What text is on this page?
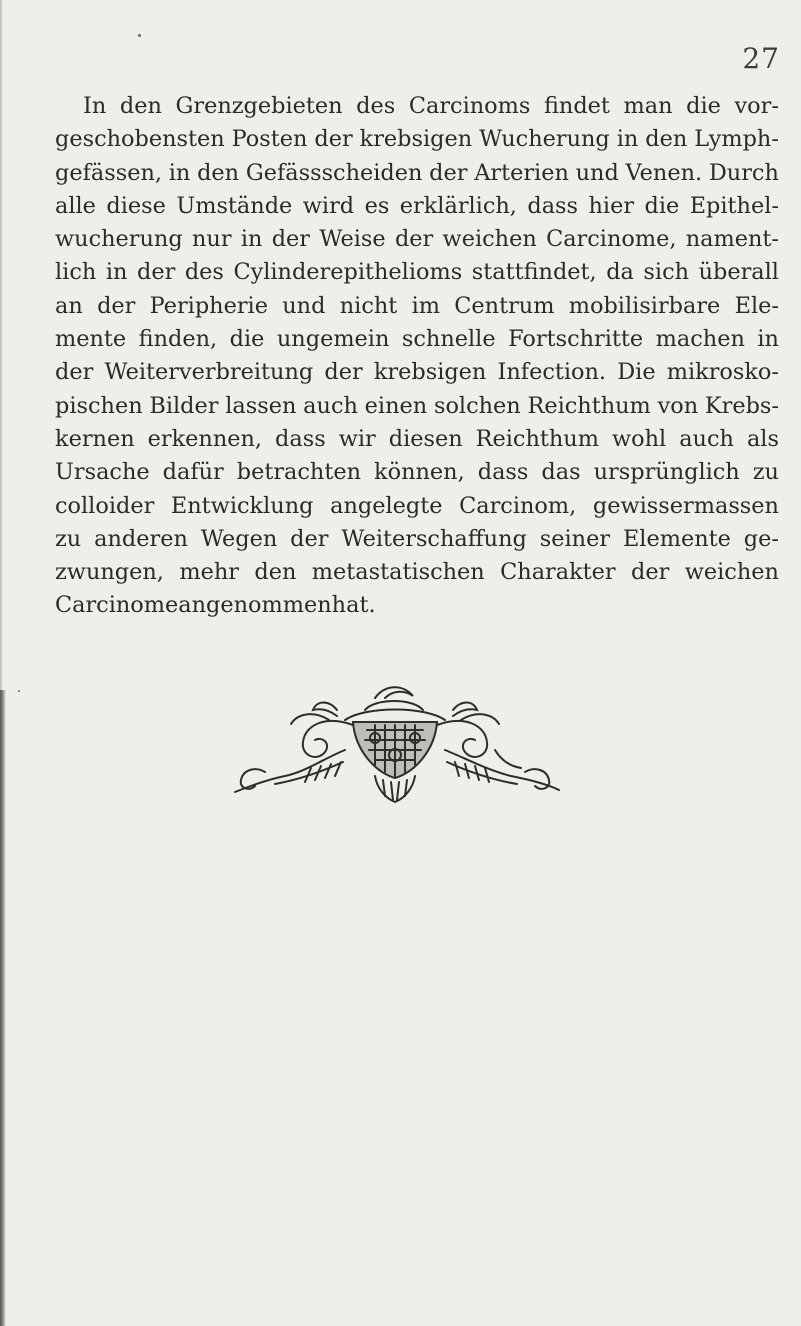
27
In den Grenzgebieten des Carcinoms findet man die vor-
geschobensten Posten der krebsigen Wucherung in den Lymph-
gefässen, in den Gefässscheiden der Arterien und Venen. Durch
alle diese Umstände wird es erklärlich, dass hier die Epithel-
wucherung nur in der Weise der weichen Carcinome, nament-
lich in der des Cylinderepithelioms stattfindet, da sich überall
an der Peripherie und nicht im Centrum mobilisirbare Ele-
mente finden, die ungemein schnelle Fortschritte machen in
der Weiterverbreitung der krebsigen Infection. Die mikrosko-
pischen Bilder lassen auch einen solchen Reichthum von Krebs-
kernen erkennen, dass wir diesen Reichthum wohl auch als
Ursache dafür betrachten können, dass das ursprünglich zu
colloider Entwicklung angelegte Carcinom, gewissermassen
zu anderen Wegen der Weiterschaffung seiner Elemente ge-
zwungen, mehr den metastatischen Charakter der weichen
Carcinome angenommen hat.
